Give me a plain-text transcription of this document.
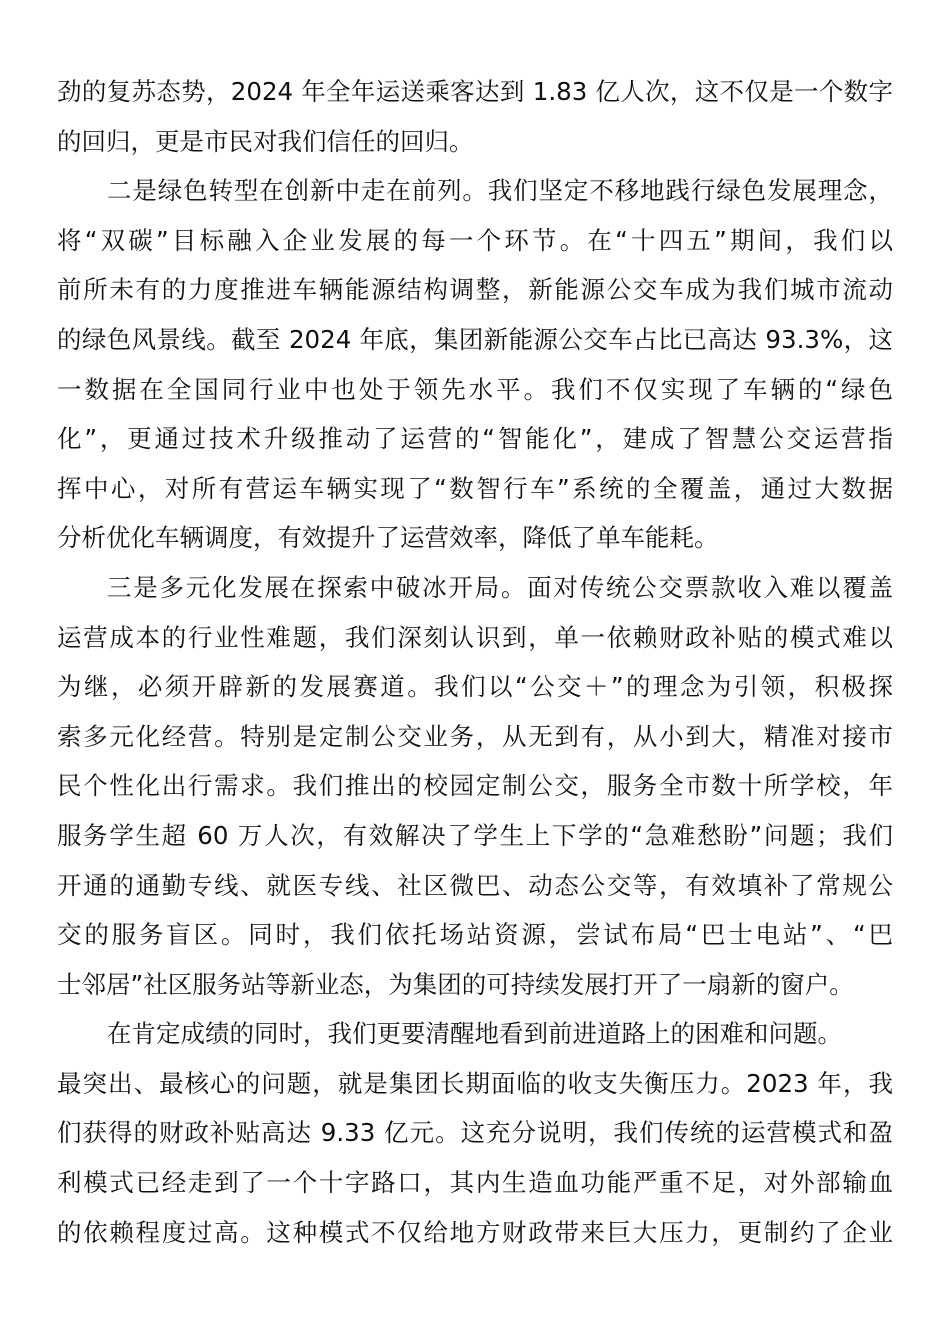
劲的复苏态势，2024 年全年运送乘客达到 1.83 亿人次，这不仅是一个数字
的回归，更是市民对我们信任的回归。
二是绿色转型在创新中走在前列。我们坚定不移地践行绿色发展理念，
将“双碳”目标融入企业发展的每一个环节。在“十四五”期间，我们以
前所未有的力度推进车辆能源结构调整，新能源公交车成为我们城市流动
的绿色风景线。截至 2024 年底，集团新能源公交车占比已高达 93.3%，这
一数据在全国同行业中也处于领先水平。我们不仅实现了车辆的“绿色
化”，更通过技术升级推动了运营的“智能化”，建成了智慧公交运营指
挥中心，对所有营运车辆实现了“数智行车”系统的全覆盖，通过大数据
分析优化车辆调度，有效提升了运营效率，降低了单车能耗。
三是多元化发展在探索中破冰开局。面对传统公交票款收入难以覆盖
运营成本的行业性难题，我们深刻认识到，单一依赖财政补贴的模式难以
为继，必须开辟新的发展赛道。我们以“公交＋”的理念为引领，积极探
索多元化经营。特别是定制公交业务，从无到有，从小到大，精准对接市
民个性化出行需求。我们推出的校园定制公交，服务全市数十所学校，年
服务学生超 60 万人次，有效解决了学生上下学的“急难愁盼”问题；我们
开通的通勤专线、就医专线、社区微巴、动态公交等，有效填补了常规公
交的服务盲区。同时，我们依托场站资源，尝试布局“巴士电站”、“巴
士邻居”社区服务站等新业态，为集团的可持续发展打开了一扇新的窗户。
在肯定成绩的同时，我们更要清醒地看到前进道路上的困难和问题。
最突出、最核心的问题，就是集团长期面临的收支失衡压力。2023 年，我
们获得的财政补贴高达 9.33 亿元。这充分说明，我们传统的运营模式和盈
利模式已经走到了一个十字路口，其内生造血功能严重不足，对外部输血
的依赖程度过高。这种模式不仅给地方财政带来巨大压力，更制约了企业
